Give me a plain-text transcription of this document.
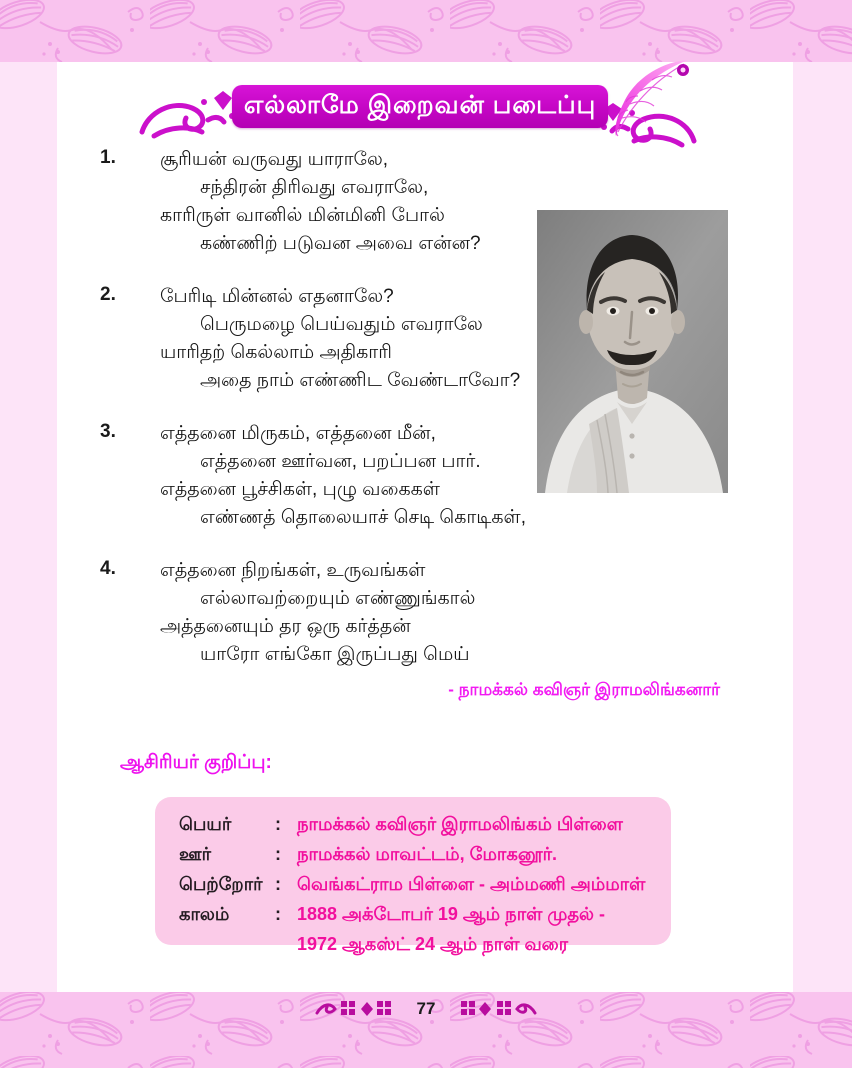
எல்லாமே இறைவன் படைப்பு
1.	சூரியன் வருவது யாராலே,
சந்திரன் திரிவது எவராலே,
காரிருள் வானில் மின்மினி போல்
கண்ணிற் படுவன அவை என்ன?
2.	பேரிடி மின்னல் எதனாலே?
பெருமழை பெய்வதும் எவராலே
யாரிதற் கெல்லாம் அதிகாரி
அதை நாம் எண்ணிட வேண்டாவோ?
3.	எத்தனை மிருகம், எத்தனை மீன்,
எத்தனை ஊர்வன, பறப்பன பார்.
எத்தனை பூச்சிகள், புழு வகைகள்
எண்ணத் தொலையாச் செடி கொடிகள்,
4.	எத்தனை நிறங்கள், உருவங்கள்
எல்லாவற்றையும் எண்ணுங்கால்
அத்தனையும் தர ஒரு கர்த்தன்
யாரோ எங்கோ இருப்பது மெய்
- நாமக்கல் கவிஞர் இராமலிங்கனார்
ஆசிரியர் குறிப்பு:
பெயர்	: நாமக்கல் கவிஞர் இராமலிங்கம் பிள்ளை
ஊர்	: நாமக்கல் மாவட்டம், மோகனூர்.
பெற்றோர் : வெங்கட்ராம பிள்ளை - அம்மணி அம்மாள்
காலம்	: 1888 அக்டோபர் 19 ஆம் நாள் முதல் -
1972 ஆகஸ்ட் 24 ஆம் நாள் வரை
77
